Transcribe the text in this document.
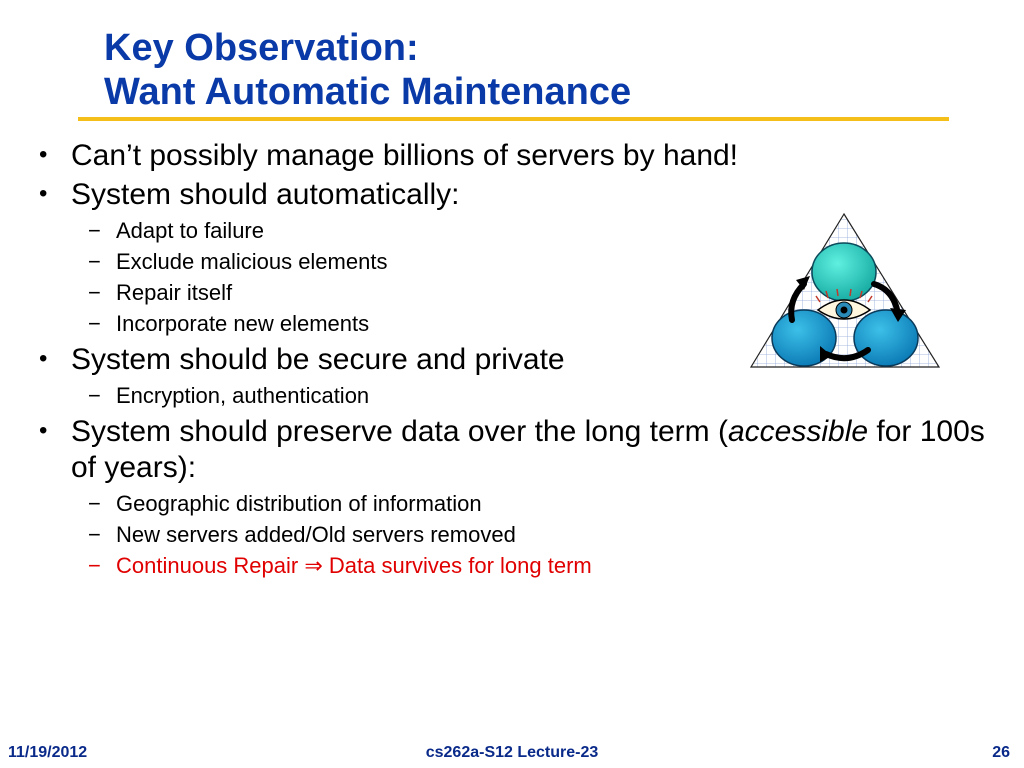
Key Observation:
Want Automatic Maintenance
• Can’t possibly manage billions of servers by hand!
• System should automatically:
− Adapt to failure
− Exclude malicious elements
− Repair itself
− Incorporate new elements
• System should be secure and private
− Encryption, authentication
• System should preserve data over the long term (accessible for 100s of years):
− Geographic distribution of information
− New servers added/Old servers removed
− Continuous Repair ⇒ Data survives for long term
11/19/2012	cs262a-S12 Lecture-23	26
